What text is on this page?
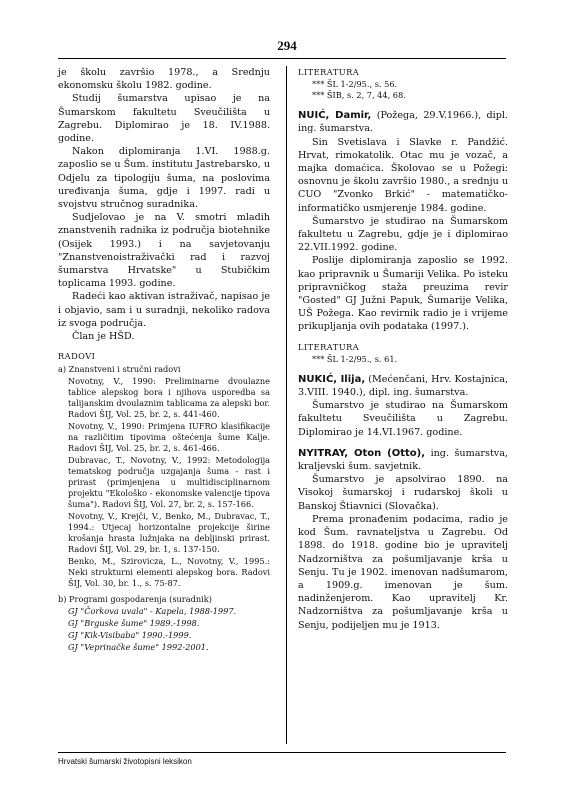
294

je školu završio 1978., a Srednju ekonomsku školu 1982. godine.

Studij šumarstva upisao je na Šumarskom fakultetu Sveučilišta u Zagrebu. Diplomirao je 18. IV.1988. godine.

Nakon diplomiranja 1.VI. 1988.g. zaposlio se u Šum. institutu Jastrebarsko, u Odjelu za tipologiju šuma, na poslovima uređivanja šuma, gdje i 1997. radi u svojstvu stručnog suradnika.

Sudjelovao je na V. smotri mladih znanstvenih radnika iz područja biotehnike (Osijek 1993.) i na savjetovanju "Znanstvenoistraživački rad i razvoj šumarstva Hrvatske" u Stubičkim toplicama 1993. godine.

Radeći kao aktivan istraživač, napisao je i objavio, sam i u suradnji, nekoliko radova iz svoga područja.

Član je HŠD.

RADOVI

a) Znanstveni i stručni radovi

Novotny, V., 1990: Preliminarne dvoulazne tablice alepskog bora i njihova usporedba sa talijanskim dvoulaznim tablicama za alepski bor. Radovi ŠIJ, Vol. 25, br. 2, s. 441-460.

Novotny, V., 1990: Primjena IUFRO klasifikacije na različitim tipovima oštećenja šume Kalje. Radovi ŠIJ, Vol. 25, br. 2, s. 461-466.

Dubravac, T., Novotny, V., 1992: Metodologija tematskog područja uzgajanja šuma - rast i prirast (primjenjena u multidisciplinarnom projektu "Ekološko - ekonomske valencije tipova šuma"). Radovi ŠIJ, Vol. 27, br. 2, s. 157-166.

Novotny, V., Krejči, V., Benko, M., Dubravac, T., 1994.: Utjecaj horizontalne projekcije širine krošanja hrasta lužnjaka na debljinski prirast. Radovi ŠIJ, Vol. 29, br. 1, s. 137-150.

Benko, M., Szirovicza, L., Novotny, V., 1995.: Neki strukturni elementi alepskog bora. Radovi ŠIJ, Vol. 30, br. 1., s. 75-87.

b) Programi gospodarenja (suradnik)

GJ "Čorkova uvala" - Kapela, 1988-1997.

GJ "Brguske šume" 1989.-1998.

GJ "Kik-Visibaba" 1990.-1999.

GJ "Veprinačke šume" 1992-2001.

LITERATURA

*** ŠL 1-2/95., s. 56.

*** ŠIB, s. 2, 7, 44, 68.

NUIĆ, Damir, (Požega, 29.V.1966.), dipl. ing. šumarstva.

Sin Svetislava i Slavke r. Pandžić. Hrvat, rimokatolik. Otac mu je vozač, a majka domaćica. Školovao se u Požegi: osnovnu je školu završio 1980., a srednju u CUO "Zvonko Brkić" - matematičko-informatičko usmjerenje 1984. godine.

Šumarstvo je studirao na Šumarskom fakultetu u Zagrebu, gdje je i diplomirao 22.VII.1992. godine.

Poslije diplomiranja zaposlio se 1992. kao pripravnik u Šumariji Velika. Po isteku pripravničkog staža preuzima revir "Gosted" GJ Južni Papuk, Šumarije Velika, UŠ Požega. Kao revirnik radio je i vrijeme prikupljanja ovih podataka (1997.).

LITERATURA

*** ŠL 1-2/95., s. 61.

NUKIĆ, Ilija, (Mećenčani, Hrv. Kostajnica, 3.VIII. 1940.), dipl. ing. šumarstva.

Šumarstvo je studirao na Šumarskom fakultetu Sveučilišta u Zagrebu. Diplomirao je 14.VI.1967. godine.

NYITRAY, Oton (Otto), ing. šumarstva, kraljevski šum. savjetnik.

Šumarstvo je apsolvirao 1890. na Visokoj šumarskoj i rudarskoj školi u Banskoj Štiavnici (Slovačka).

Prema pronađenim podacima, radio je kod Šum. ravnateljstva u Zagrebu. Od 1898. do 1918. godine bio je upravitelj Nadzorništva za pošumljavanje krša u Senju. Tu je 1902. imenovan nadšumarom, a 1909.g. imenovan je šum. nadinženjerom. Kao upravitelj Kr. Nadzorništva za pošumljavanje krša u Senju, podijeljen mu je 1913.

Hrvatski šumarski životopisni leksikon
